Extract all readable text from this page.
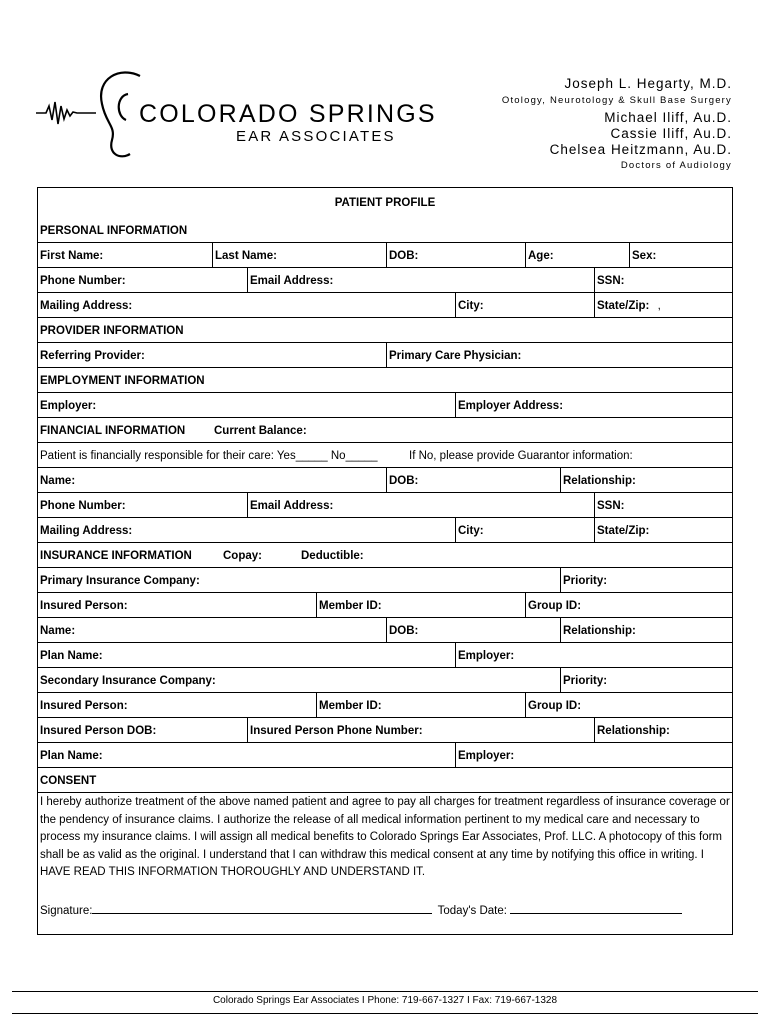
COLORADO SPRINGS
EAR ASSOCIATES
Joseph L. Hegarty, M.D.
Otology, Neurotology & Skull Base Surgery
Michael Iliff, Au.D.
Cassie Iliff, Au.D.
Chelsea Heitzmann, Au.D.
Doctors of Audiology
PATIENT PROFILE
PERSONAL INFORMATION
First Name:	Last Name:	DOB:	Age:	Sex:
Phone Number:	Email Address:	SSN:
Mailing Address:	City:	State/Zip: ,
PROVIDER INFORMATION
Referring Provider:	Primary Care Physician:
EMPLOYMENT INFORMATION
Employer:	Employer Address:
FINANCIAL INFORMATION	Current Balance:
Patient is financially responsible for their care: Yes_____ No_____	If No, please provide Guarantor information:
Name:	DOB:	Relationship:
Phone Number:	Email Address:	SSN:
Mailing Address:	City:	State/Zip:
INSURANCE INFORMATION	Copay:	Deductible:
Primary Insurance Company:	Priority:
Insured Person:	Member ID:	Group ID:
Name:	DOB:	Relationship:
Plan Name:	Employer:
Secondary Insurance Company:	Priority:
Insured Person:	Member ID:	Group ID:
Insured Person DOB:	Insured Person Phone Number:	Relationship:
Plan Name:	Employer:
CONSENT
I hereby authorize treatment of the above named patient and agree to pay all charges for treatment regardless of insurance coverage or the pendency of insurance claims. I authorize the release of all medical information pertinent to my medical care and necessary to process my insurance claims. I will assign all medical benefits to Colorado Springs Ear Associates, Prof. LLC. A photocopy of this form shall be as valid as the original. I understand that I can withdraw this medical consent at any time by notifying this office in writing. I HAVE READ THIS INFORMATION THOROUGHLY AND UNDERSTAND IT.
Signature:	Today's Date:
Colorado Springs Ear Associates I Phone: 719-667-1327 I Fax: 719-667-1328
